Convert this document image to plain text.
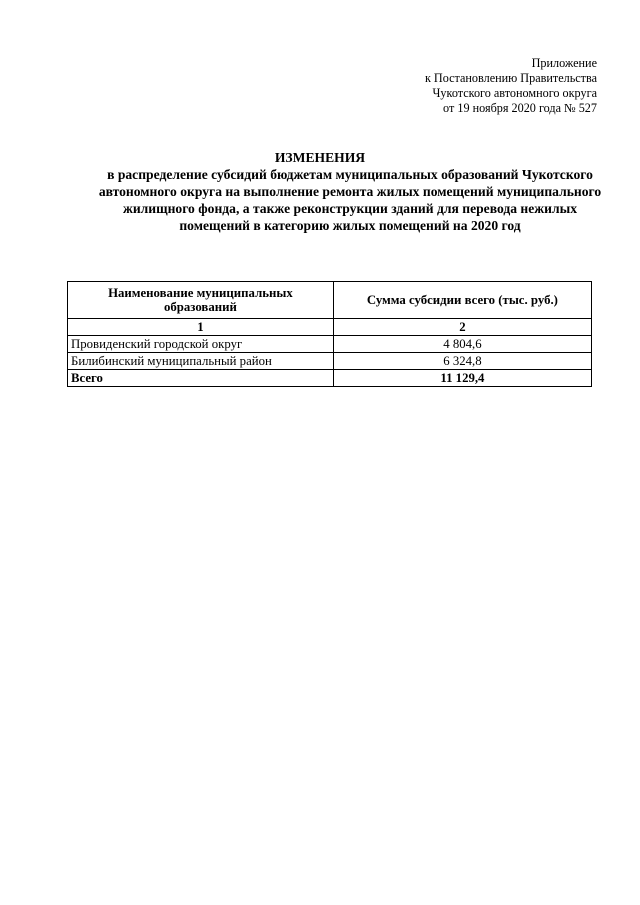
Приложение
к Постановлению Правительства
Чукотского автономного округа
от 19 ноября 2020 года № 527
ИЗМЕНЕНИЯ
в распределение субсидий бюджетам муниципальных образований Чукотского автономного округа на выполнение ремонта жилых помещений муниципального жилищного фонда, а также реконструкции зданий для перевода нежилых помещений в категорию жилых помещений на 2020 год
Наименование муниципальных образований	Сумма субсидии всего (тыс. руб.)
1	2
Провиденский городской округ	4 804,6
Билибинский муниципальный район	6 324,8
Всего	11 129,4
